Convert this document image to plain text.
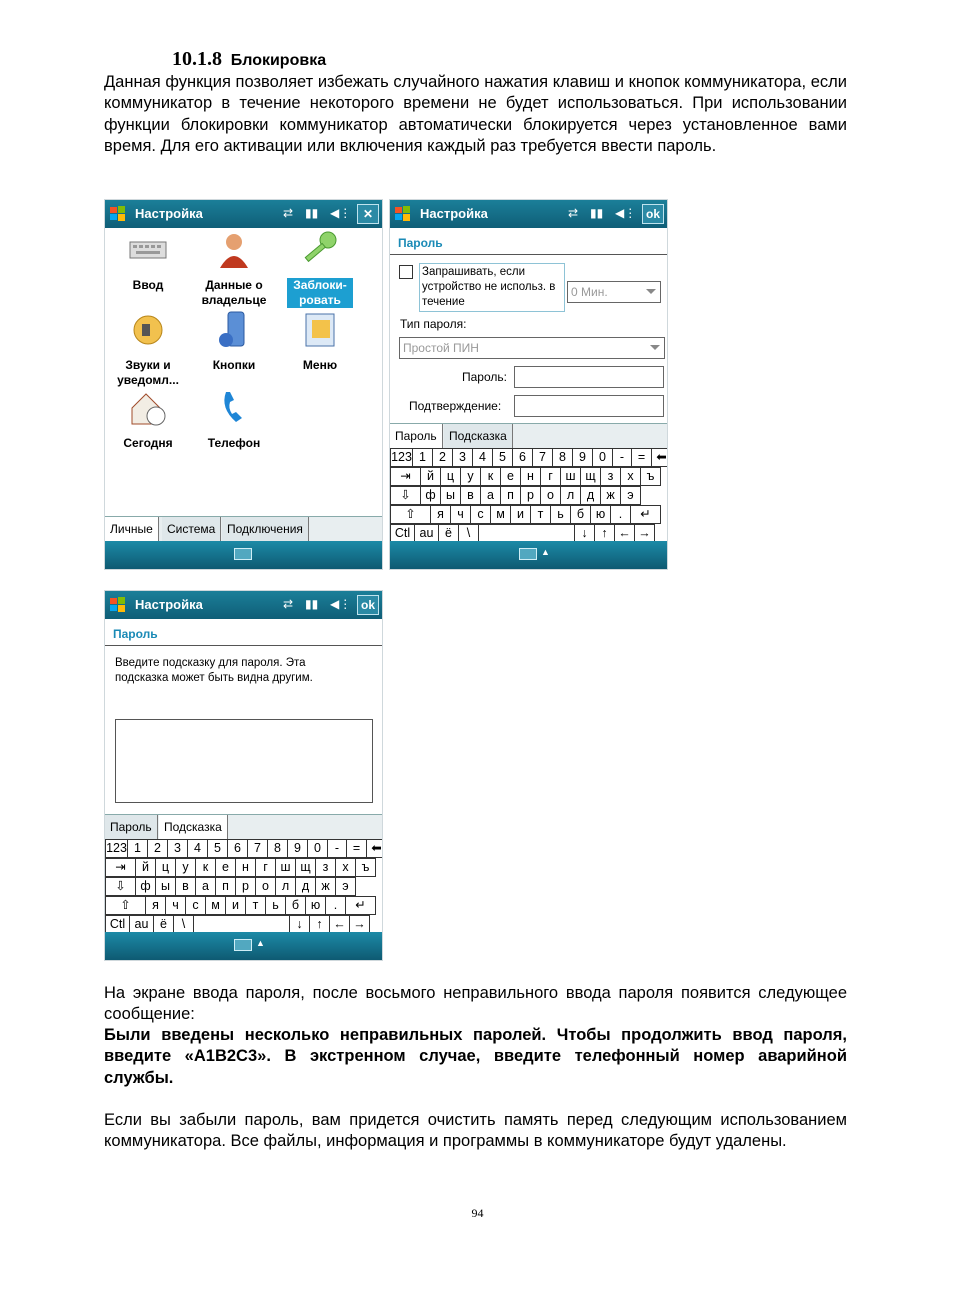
10.1.8 Блокировка

Данная функция позволяет избежать случайного нажатия клавиш и кнопок коммуникатора, если коммуникатор в течение некоторого времени не будет использоваться. При использовании функции блокировки коммуникатор автоматически блокируется через установленное вами время. Для его активации или включения каждый раз требуется ввести пароль.

Настройка	⇄ ▮▮ ◀⋮ ✕
Ввод	Данные о владельце
Заблоки-ровать
Звуки и уведомл...
Кнопки	Меню
Сегодня	Телефон
Личные	Система Подключения
Настройка	⇄ ▮▮ ◀⋮ ok
Пароль
Запрашивать, если устройство не использ. в течение
0 Мин.
Тип пароля:
Простой ПИН
Пароль:
Подтверждение:
Пароль	Подсказка
123 1	2	3	4	5	6	7	8	9	0	-	= ⬅
⇥	й	ц	у	к	е	н	г	ш щ з	х	ъ
⇩	ф ы в	а	п	р	о	л	д ж	э
⇧	я	ч	с	м и	т	ь	б ю	.	↵
Ctl au ё	\	↓	↑ ← →
▲
Настройка	⇄ ▮▮ ◀⋮ ok
Пароль
Введите подсказку для пароля. Эта подсказка может быть видна другим.
Пароль	Подсказка
123 1	2	3	4	5	6	7	8	9	0	-	= ⬅
⇥	й	ц	у	к	е	н	г	ш щ з	х	ъ
⇩	ф ы в	а	п	р	о	л	д ж	э
⇧	я	ч	с	м и	т	ь	б ю	.	↵
Ctl au ё	\	↓	↑ ← →
▲

На экране ввода пароля, после восьмого неправильного ввода пароля появится следующее сообщение:

Были введены несколько неправильных паролей. Чтобы продолжить ввод пароля, введите «A1B2C3». В экстренном случае, введите телефонный номер аварийной службы.

Если вы забыли пароль, вам придется очистить память перед следующим использованием коммуникатора. Все файлы, информация и программы в коммуникаторе будут удалены.

94
